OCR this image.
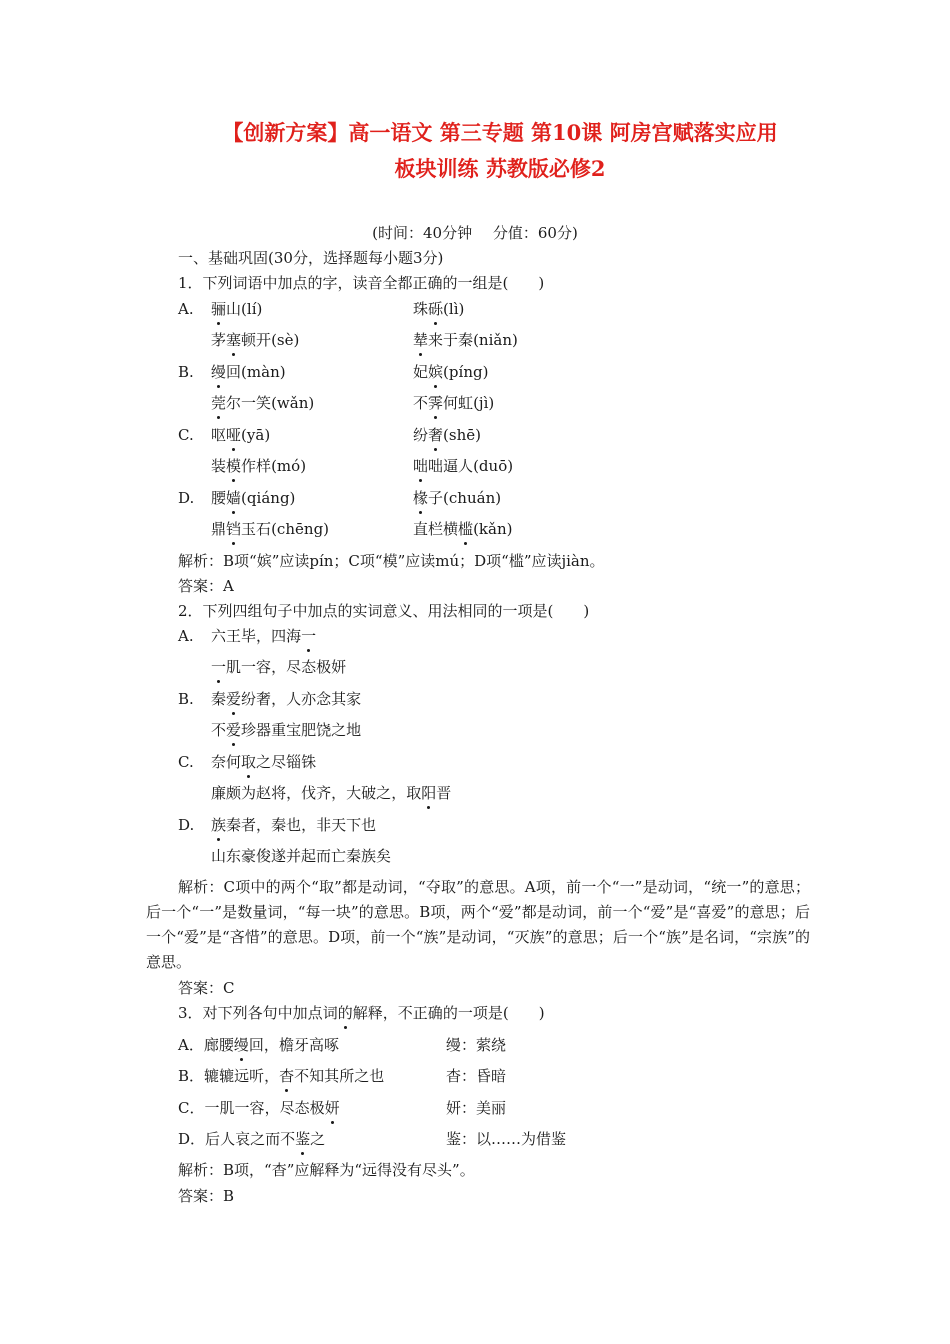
【创新方案】高一语文 第三专题 第10课 阿房宫赋落实应用
板块训练 苏教版必修2
(时间：40分钟 分值：60分)
一、基础巩固(30分，选择题每小题3分)
1．下列词语中加点的字，读音全都正确的一组是(　　)
A. 骊山(lí)	珠砾(lì)
茅塞顿开(sè)	辇来于秦(niǎn)
B. 缦回(màn)	妃嫔(píng)
莞尔一笑(wǎn)	不霁何虹(jì)
C. 呕哑(yā)	纷奢(shē)
装模作样(mó)	咄咄逼人(duō)
D. 腰嫱(qiáng)	椽子(chuán)
鼎铛玉石(chēng)	直栏横槛(kǎn)
解析：B项“嫔”应读pín；C项“模”应读mú；D项“槛”应读jiàn。
答案：A
2．下列四组句子中加点的实词意义、用法相同的一项是(　　)
A. 六王毕，四海一
一肌一容，尽态极妍
B. 秦爱纷奢，人亦念其家
不爱珍器重宝肥饶之地
C. 奈何取之尽锱铢
廉颇为赵将，伐齐，大破之，取阳晋
D. 族秦者，秦也，非天下也
山东豪俊遂并起而亡秦族矣
解析：C项中的两个“取”都是动词，“夺取”的意思。A项，前一个“一”是动词，“统一”的意思；后一个“一”是数量词，“每一块”的意思。B项，两个“爱”都是动词，前一个“爱”是“喜爱”的意思；后一个“爱”是“吝惜”的意思。D项，前一个“族”是动词，“灭族”的意思；后一个“族”是名词，“宗族”的意思。
答案：C
3．对下列各句中加点词的解释，不正确的一项是(　　 )
A．廊腰缦回，檐牙高啄	缦：萦绕
B．辘辘远听，杳不知其所之也	杳：昏暗
C．一肌一容，尽态极妍	妍：美丽
D．后人哀之而不鉴之	鉴：以……为借鉴
解析：B项，“杳”应解释为“远得没有尽头”。
答案：B
